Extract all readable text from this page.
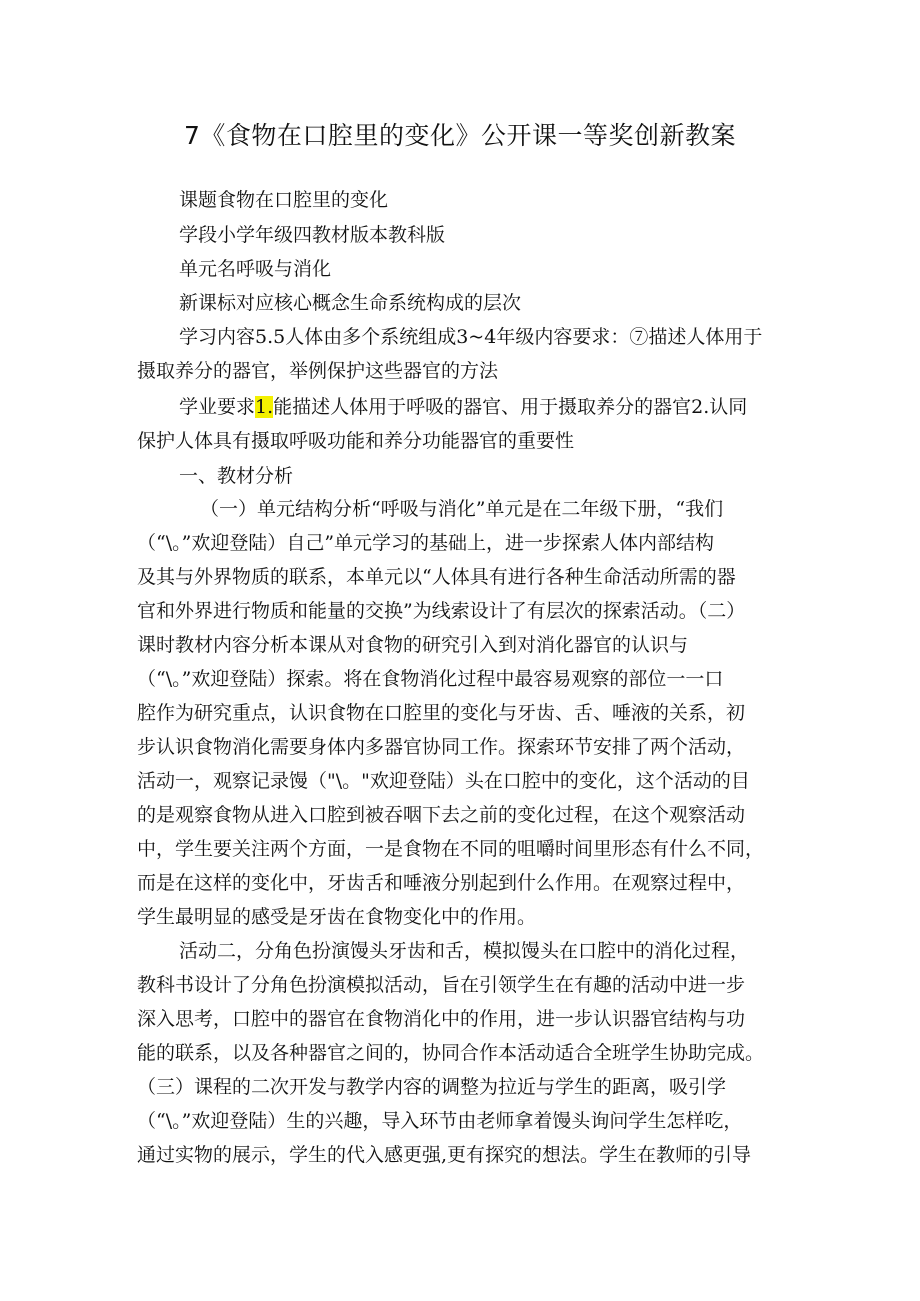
7《食物在口腔里的变化》公开课一等奖创新教案
课题食物在口腔里的变化
学段小学年级四教材版本教科版
单元名呼吸与消化
新课标对应核心概念生命系统构成的层次
学习内容5.5人体由多个系统组成3~4年级内容要求：⑦描述人体用于
摄取养分的器官，举例保护这些器官的方法
学业要求1.能描述人体用于呼吸的器官、用于摄取养分的器官2.认同
保护人体具有摄取呼吸功能和养分功能器官的重要性
一、教材分析
（一）单元结构分析“呼吸与消化”单元是在二年级下册，“我们
（“\。”欢迎登陆）自己”单元学习的基础上，进一步探索人体内部结构
及其与外界物质的联系，本单元以“人体具有进行各种生命活动所需的器
官和外界进行物质和能量的交换”为线索设计了有层次的探索活动。（二）
课时教材内容分析本课从对食物的研究引入到对消化器官的认识与
（“\。”欢迎登陆）探索。将在食物消化过程中最容易观察的部位一一口
腔作为研究重点，认识食物在口腔里的变化与牙齿、舌、唾液的关系，初
步认识食物消化需要身体内多器官协同工作。探索环节安排了两个活动，
活动一，观察记录馒（"\。"欢迎登陆）头在口腔中的变化，这个活动的目
的是观察食物从进入口腔到被吞咽下去之前的变化过程，在这个观察活动
中，学生要关注两个方面，一是食物在不同的咀嚼时间里形态有什么不同，
而是在这样的变化中，牙齿舌和唾液分别起到什么作用。在观察过程中，
学生最明显的感受是牙齿在食物变化中的作用。
活动二，分角色扮演馒头牙齿和舌，模拟馒头在口腔中的消化过程，
教科书设计了分角色扮演模拟活动，旨在引领学生在有趣的活动中进一步
深入思考，口腔中的器官在食物消化中的作用，进一步认识器官结构与功
能的联系，以及各种器官之间的，协同合作本活动适合全班学生协助完成。
（三）课程的二次开发与教学内容的调整为拉近与学生的距离，吸引学
（“\。”欢迎登陆）生的兴趣，导入环节由老师拿着馒头询问学生怎样吃，
通过实物的展示，学生的代入感更强,更有探究的想法。学生在教师的引导
